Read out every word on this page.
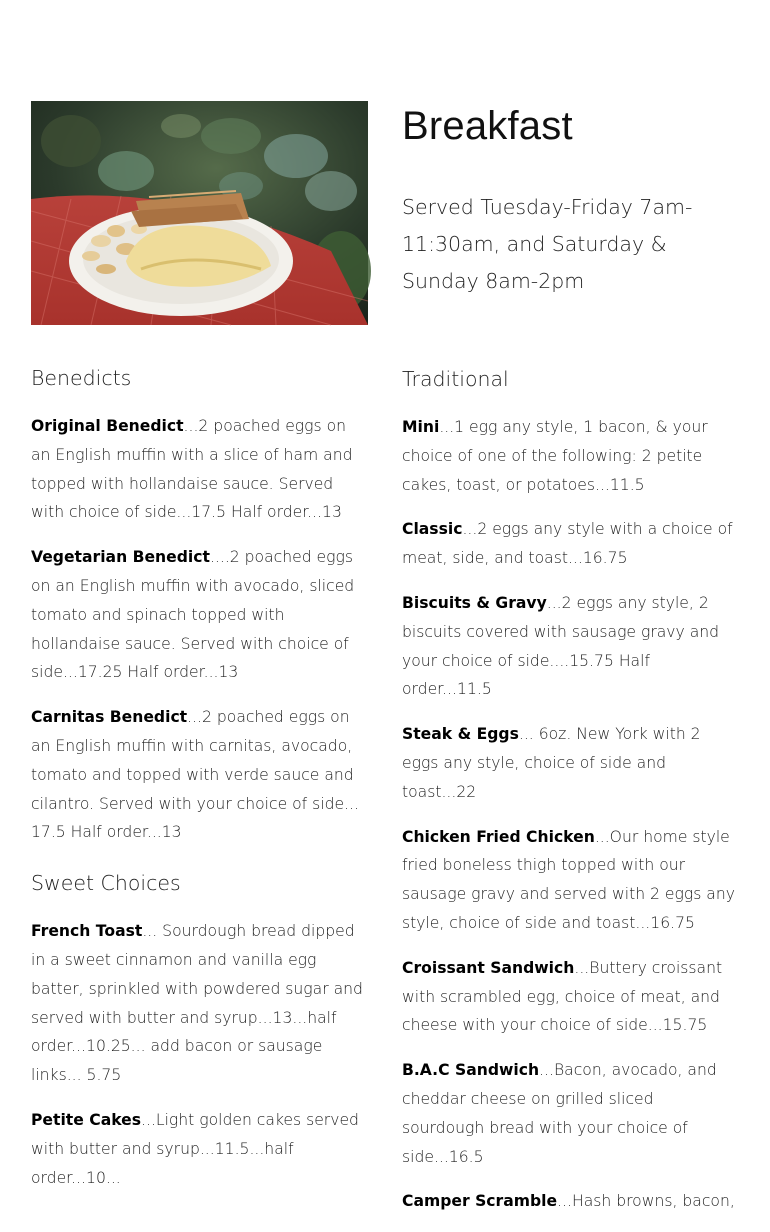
Breakfast

Served Tuesday-Friday 7am-11:30am, and Saturday & Sunday 8am-2pm

Benedicts

Original Benedict...2 poached eggs on an English muffin with a slice of ham and topped with hollandaise sauce. Served with choice of side...17.5 Half order...13

Vegetarian Benedict....2 poached eggs on an English muffin with avocado, sliced tomato and spinach topped with hollandaise sauce. Served with choice of side...17.25 Half order...13

Carnitas Benedict...2 poached eggs on an English muffin with carnitas, avocado, tomato and topped with verde sauce and cilantro. Served with your choice of side... 17.5 Half order...13

Sweet Choices

French Toast... Sourdough bread dipped in a sweet cinnamon and vanilla egg batter, sprinkled with powdered sugar and served with butter and syrup...13...half order...10.25... add bacon or sausage links... 5.75

Petite Cakes...Light golden cakes served with butter and syrup...11.5...half order...10...

Traditional

Mini...1 egg any style, 1 bacon, & your choice of one of the following: 2 petite cakes, toast, or potatoes...11.5

Classic...2 eggs any style with a choice of meat, side, and toast...16.75

Biscuits & Gravy...2 eggs any style, 2 biscuits covered with sausage gravy and your choice of side....15.75 Half order...11.5

Steak & Eggs... 6oz. New York with 2 eggs any style, choice of side and toast...22

Chicken Fried Chicken...Our home style fried boneless thigh topped with our sausage gravy and served with 2 eggs any style, choice of side and toast...16.75

Croissant Sandwich...Buttery croissant with scrambled egg, choice of meat, and cheese with your choice of side...15.75

B.A.C Sandwich...Bacon, avocado, and cheddar cheese on grilled sliced sourdough bread with your choice of side...16.5

Camper Scramble...Hash browns, bacon,
